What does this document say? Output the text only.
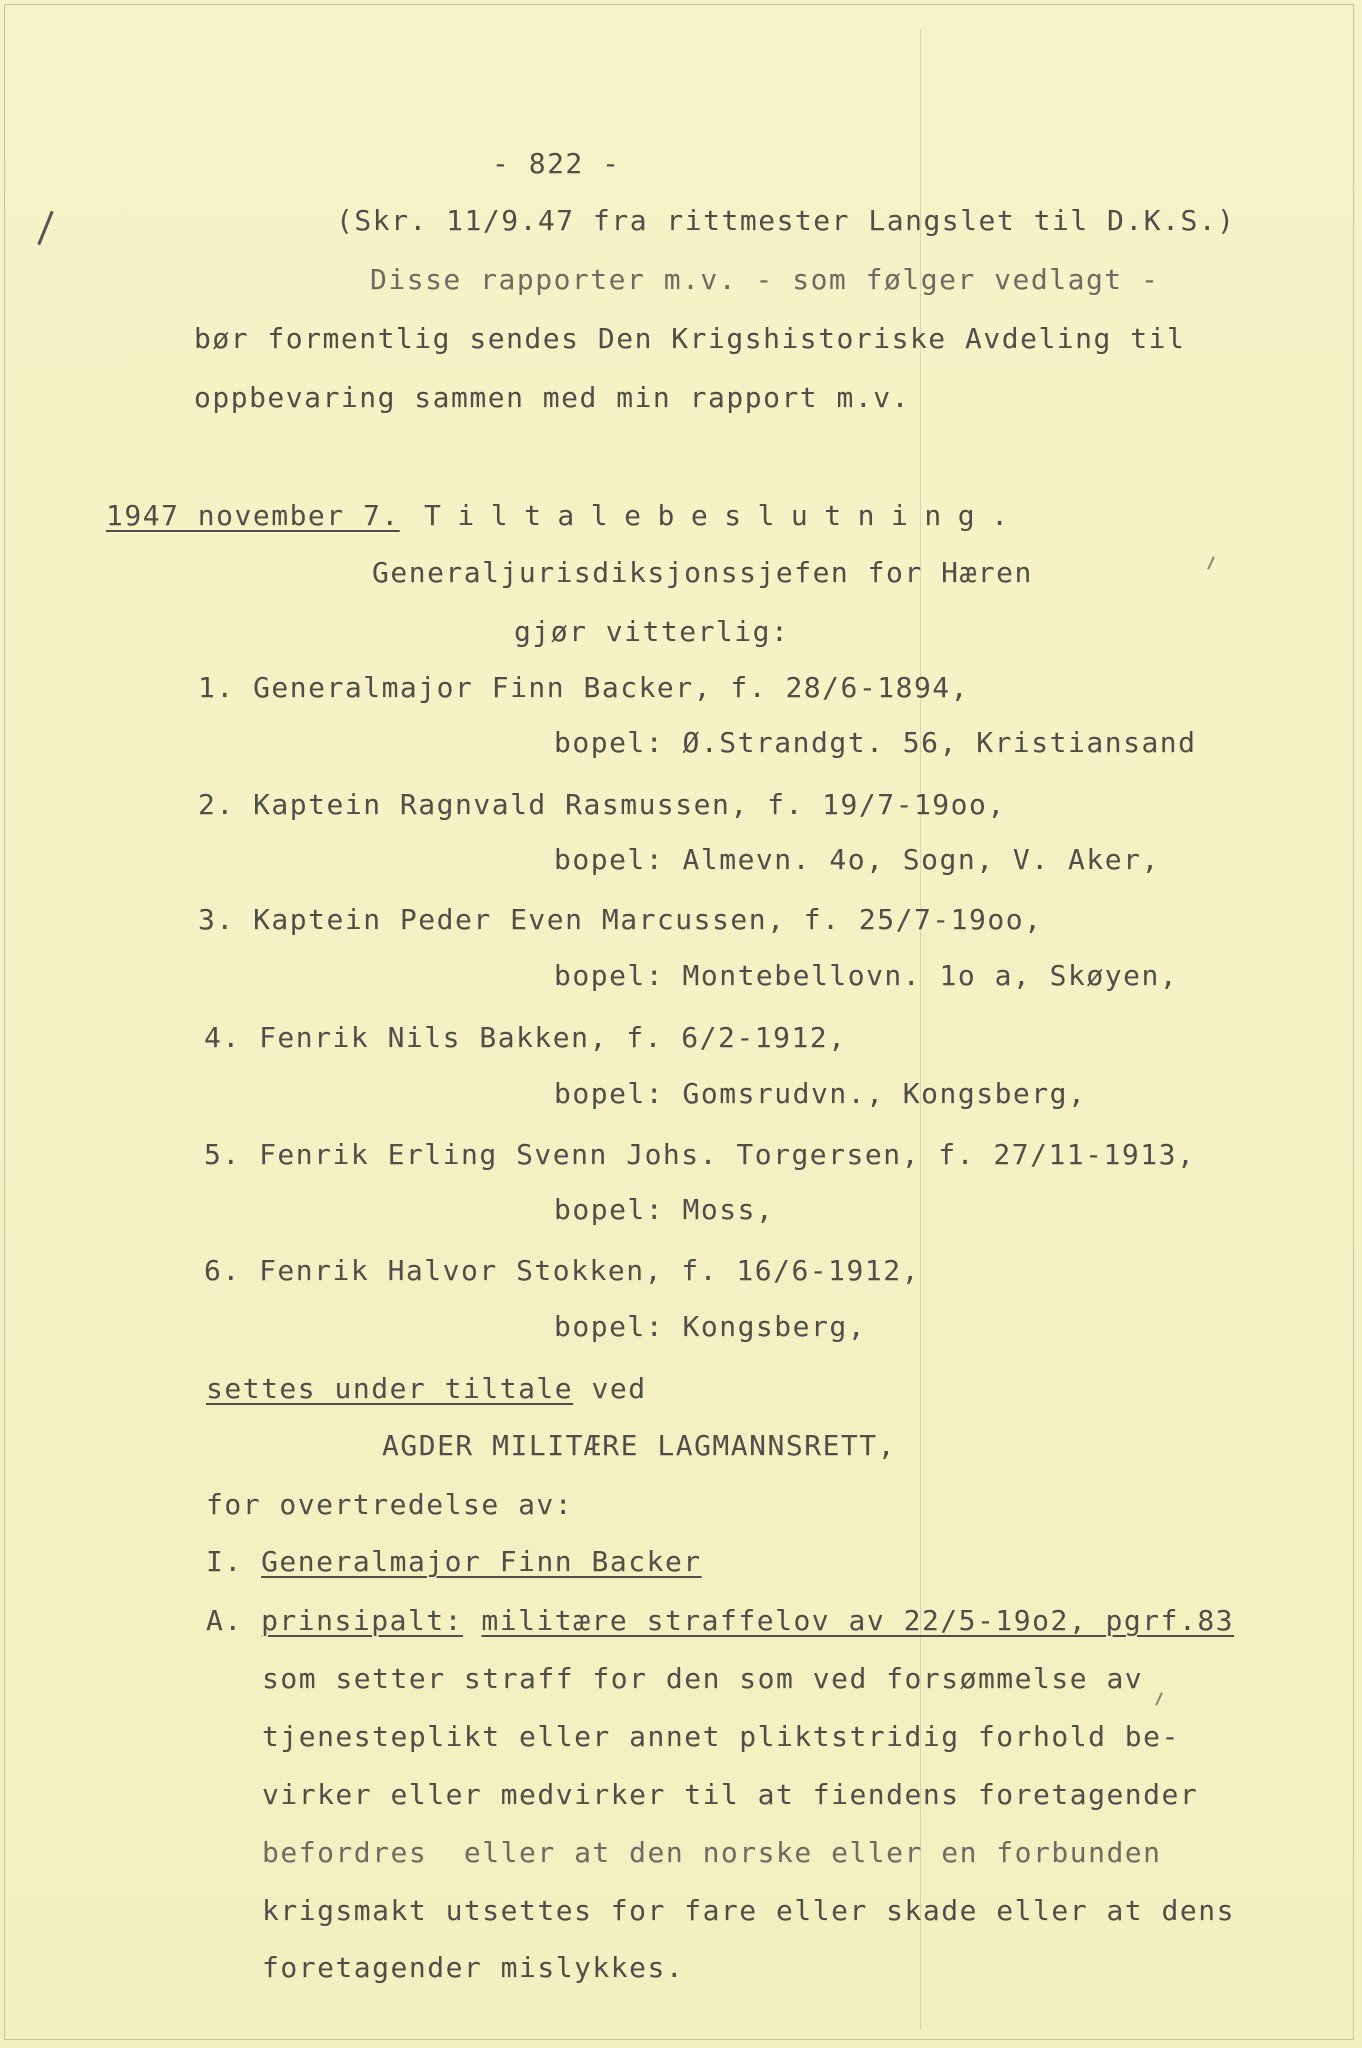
- 822 -
(Skr. 11/9.47 fra rittmester Langslet til D.K.S.)
Disse rapporter m.v. - som følger vedlagt -
bør formentlig sendes Den Krigshistoriske Avdeling til
oppbevaring sammen med min rapport m.v.
1947 november 7. Tiltalebeslutning.
Generaljurisdiksjonssjefen for Hæren
gjør vitterlig:
1. Generalmajor Finn Backer, f. 28/6-1894,
bopel: Ø.Strandgt. 56, Kristiansand
2. Kaptein Ragnvald Rasmussen, f. 19/7-19oo,
bopel: Almevn. 4o, Sogn, V. Aker,
3. Kaptein Peder Even Marcussen, f. 25/7-19oo,
bopel: Montebellovn. 1o a, Skøyen,
4. Fenrik Nils Bakken, f. 6/2-1912,
bopel: Gomsrudvn., Kongsberg,
5. Fenrik Erling Svenn Johs. Torgersen, f. 27/11-1913,
bopel: Moss,
6. Fenrik Halvor Stokken, f. 16/6-1912,
bopel: Kongsberg,
settes under tiltale ved
AGDER MILITÆRE LAGMANNSRETT,
for overtredelse av:
I. Generalmajor Finn Backer
A. prinsipalt: militære straffelov av 22/5-19o2, pgrf.83
som setter straff for den som ved forsømmelse av
tjenesteplikt eller annet pliktstridig forhold be-
virker eller medvirker til at fiendens foretagender
befordres  eller at den norske eller en forbunden
krigsmakt utsettes for fare eller skade eller at dens
foretagender mislykkes.
